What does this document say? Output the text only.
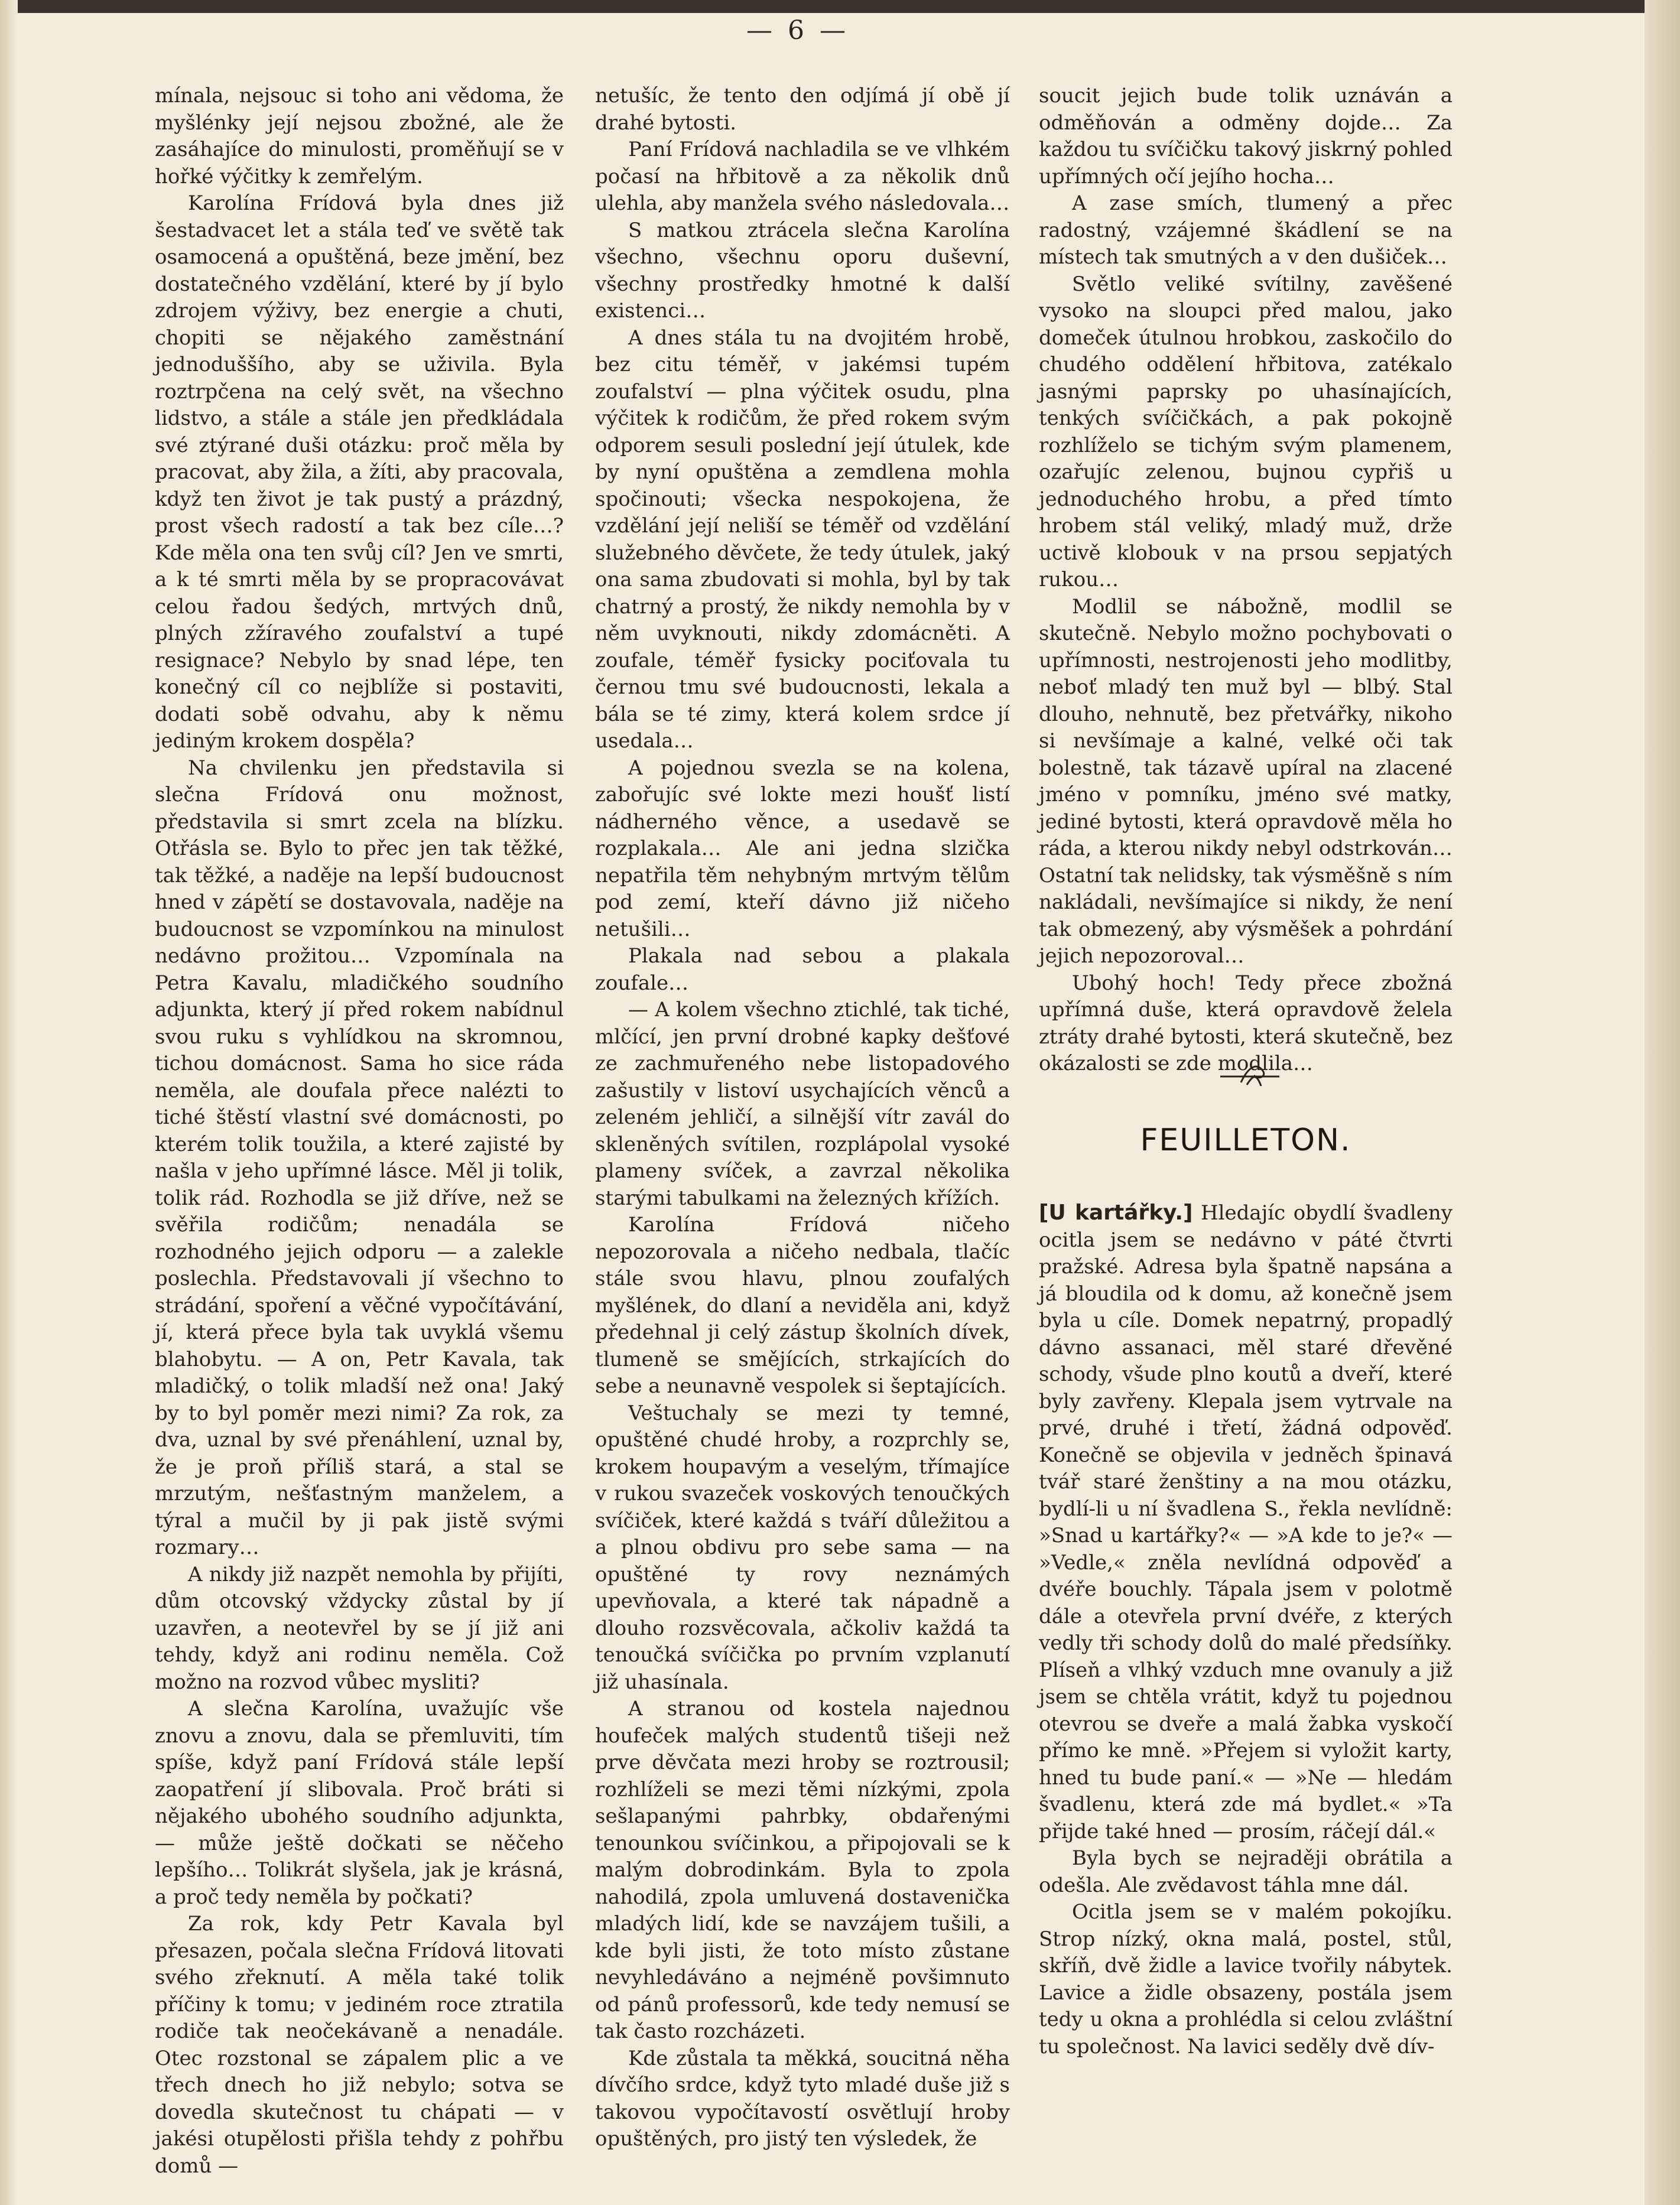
— 6 —

mínala, nejsouc si toho ani vědoma, že myšlénky její nejsou zbožné, ale že zasáhajíce do minulosti, proměňují se v hořké výčitky k zemřelým.

Karolína Frídová byla dnes již šestadvacet let a stála teď ve světě tak osamocená a opuštěná, beze jmění, bez dostatečného vzdělání, které by jí bylo zdrojem výživy, bez energie a chuti, chopiti se nějakého zaměstnání jednoduššího, aby se uživila. Byla roztrpčena na celý svět, na všechno lidstvo, a stále a stále jen předkládala své ztýrané duši otázku: proč měla by pracovat, aby žila, a žíti, aby pracovala, když ten život je tak pustý a prázdný, prost všech radostí a tak bez cíle…? Kde měla ona ten svůj cíl? Jen ve smrti, a k té smrti měla by se propracovávat celou řadou šedých, mrtvých dnů, plných zžíravého zoufalství a tupé resignace? Nebylo by snad lépe, ten konečný cíl co nejblíže si postaviti, dodati sobě odvahu, aby k němu jediným krokem dospěla?

Na chvilenku jen představila si slečna Frídová onu možnost, představila si smrt zcela na blízku. Otřásla se. Bylo to přec jen tak těžké, tak těžké, a naděje na lepší budoucnost hned v zápětí se dostavovala, naděje na budoucnost se vzpomínkou na minulost nedávno prožitou… Vzpomínala na Petra Kavalu, mladičkého soudního adjunkta, který jí před rokem nabídnul svou ruku s vyhlídkou na skromnou, tichou domácnost. Sama ho sice ráda neměla, ale doufala přece nalézti to tiché štěstí vlastní své domácnosti, po kterém tolik toužila, a které zajisté by našla v jeho upřímné lásce. Měl ji tolik, tolik rád. Rozhodla se již dříve, než se svěřila rodičům; nenadála se rozhodného jejich odporu — a zalekle poslechla. Představovali jí všechno to strádání, spoření a věčné vypočítávání, jí, která přece byla tak uvyklá všemu blahobytu. — A on, Petr Kavala, tak mladičký, o tolik mladší než ona! Jaký by to byl poměr mezi nimi? Za rok, za dva, uznal by své přenáhlení, uznal by, že je proň příliš stará, a stal se mrzutým, nešťastným manželem, a týral a mučil by ji pak jistě svými rozmary…

A nikdy již nazpět nemohla by přijíti, dům otcovský vždycky zůstal by jí uzavřen, a neotevřel by se jí již ani tehdy, když ani rodinu neměla. Což možno na rozvod vůbec mysliti?

A slečna Karolína, uvažujíc vše znovu a znovu, dala se přemluviti, tím spíše, když paní Frídová stále lepší zaopatření jí slibovala. Proč bráti si nějakého ubohého soudního adjunkta, — může ještě dočkati se něčeho lepšího… Tolikrát slyšela, jak je krásná, a proč tedy neměla by počkati?

Za rok, kdy Petr Kavala byl přesazen, počala slečna Frídová litovati svého zřeknutí. A měla také tolik příčiny k tomu; v jediném roce ztratila rodiče tak neočekávaně a nenadále. Otec rozstonal se zápalem plic a ve třech dnech ho již nebylo; sotva se dovedla skutečnost tu chápati — v jakési otupělosti přišla tehdy z pohřbu domů —

netušíc, že tento den odjímá jí obě jí drahé bytosti.

Paní Frídová nachladila se ve vlhkém počasí na hřbitově a za několik dnů ulehla, aby manžela svého následovala…

S matkou ztrácela slečna Karolína všechno, všechnu oporu duševní, všechny prostředky hmotné k další existenci…

A dnes stála tu na dvojitém hrobě, bez citu téměř, v jakémsi tupém zoufalství — plna výčitek osudu, plna výčitek k rodičům, že před rokem svým odporem sesuli poslední její útulek, kde by nyní opuštěna a zemdlena mohla spočinouti; všecka nespokojena, že vzdělání její neliší se téměř od vzdělání služebného děvčete, že tedy útulek, jaký ona sama zbudovati si mohla, byl by tak chatrný a prostý, že nikdy nemohla by v něm uvyknouti, nikdy zdomácněti. A zoufale, téměř fysicky pociťovala tu černou tmu své budoucnosti, lekala a bála se té zimy, která kolem srdce jí usedala…

A pojednou svezla se na kolena, zabořujíc své lokte mezi houšť listí nádherného věnce, a usedavě se rozplakala… Ale ani jedna slzička nepatřila těm nehybným mrtvým tělům pod zemí, kteří dávno již ničeho netušili…

Plakala nad sebou a plakala zoufale…

— A kolem všechno ztichlé, tak tiché, mlčící, jen první drobné kapky dešťové ze zachmuřeného nebe listopadového zašustily v listoví usychajících věnců a zeleném jehličí, a silnější vítr zavál do skleněných svítilen, rozplápolal vysoké plameny svíček, a zavrzal několika starými tabulkami na železných křížích.

Karolína Frídová ničeho nepozorovala a ničeho nedbala, tlačíc stále svou hlavu, plnou zoufalých myšlének, do dlaní a neviděla ani, když předehnal ji celý zástup školních dívek, tlumeně se smějících, strkajících do sebe a neunavně vespolek si šeptajících.

Veštuchaly se mezi ty temné, opuštěné chudé hroby, a rozprchly se, krokem houpavým a veselým, třímajíce v rukou svazeček voskových tenoučkých svíčiček, které každá s tváří důležitou a a plnou obdivu pro sebe sama — na opuštěné ty rovy neznámých upevňovala, a které tak nápadně a dlouho rozsvěcovala, ačkoliv každá ta tenoučká svíčička po prvním vzplanutí již uhasínala.

A stranou od kostela najednou houfeček malých studentů tišeji než prve děvčata mezi hroby se roztrousil; rozhlíželi se mezi těmi nízkými, zpola sešlapanými pahrbky, obdařenými tenounkou svíčinkou, a připojovali se k malým dobrodinkám. Byla to zpola nahodilá, zpola umluvená dostavenička mladých lidí, kde se navzájem tušili, a kde byli jisti, že toto místo zůstane nevyhledáváno a nejméně povšimnuto od pánů professorů, kde tedy nemusí se tak často rozcházeti.

Kde zůstala ta měkká, soucitná něha dívčího srdce, když tyto mladé duše již s takovou vypočítavostí osvětlují hroby opuštěných, pro jistý ten výsledek, že

soucit jejich bude tolik uznáván a odměňován a odměny dojde… Za každou tu svíčičku takový jiskrný pohled upřímných očí jejího hocha…

A zase smích, tlumený a přec radostný, vzájemné škádlení se na místech tak smutných a v den dušiček…

Světlo veliké svítilny, zavěšené vysoko na sloupci před malou, jako domeček útulnou hrobkou, zaskočilo do chudého oddělení hřbitova, zatékalo jasnými paprsky po uhasínajících, tenkých svíčičkách, a pak pokojně rozhlíželo se tichým svým plamenem, ozařujíc zelenou, bujnou cypřiš u jednoduchého hrobu, a před tímto hrobem stál veliký, mladý muž, drže uctivě klobouk v na prsou sepjatých rukou…

Modlil se nábožně, modlil se skutečně. Nebylo možno pochybovati o upřímnosti, nestrojenosti jeho modlitby, neboť mladý ten muž byl — blbý. Stal dlouho, nehnutě, bez přetvářky, nikoho si nevšímaje a kalné, velké oči tak bolestně, tak tázavě upíral na zlacené jméno v pomníku, jméno své matky, jediné bytosti, která opravdově měla ho ráda, a kterou nikdy nebyl odstrkován… Ostatní tak nelidsky, tak výsměšně s ním nakládali, nevšímajíce si nikdy, že není tak obmezený, aby výsměšek a pohrdání jejich nepozoroval…

Ubohý hoch! Tedy přece zbožná upřímná duše, která opravdově želela ztráty drahé bytosti, která skutečně, bez okázalosti se zde modlila…

FEUILLETON.

[U kartářky.] Hledajíc obydlí švadleny ocitla jsem se nedávno v páté čtvrti pražské. Adresa byla špatně napsána a já bloudila od k domu, až konečně jsem byla u cíle. Domek nepatrný, propadlý dávno assanaci, měl staré dřevěné schody, všude plno koutů a dveří, které byly zavřeny. Klepala jsem vytrvale na prvé, druhé i třetí, žádná odpověď. Konečně se objevila v jedněch špinavá tvář staré ženštiny a na mou otázku, bydlí-li u ní švadlena S., řekla nevlídně: »Snad u kartářky?« — »A kde to je?« — »Vedle,« zněla nevlídná odpověď a dvéře bouchly. Tápala jsem v polotmě dále a otevřela první dvéře, z kterých vedly tři schody dolů do malé předsíňky. Plíseň a vlhký vzduch mne ovanuly a již jsem se chtěla vrátit, když tu pojednou otevrou se dveře a malá žabka vyskočí přímo ke mně. »Přejem si vyložit karty, hned tu bude paní.« — »Ne — hledám švadlenu, která zde má bydlet.« »Ta přijde také hned — prosím, ráčejí dál.«

Byla bych se nejraději obrátila a odešla. Ale zvědavost táhla mne dál.

Ocitla jsem se v malém pokojíku. Strop nízký, okna malá, postel, stůl, skříň, dvě židle a lavice tvořily nábytek. Lavice a židle obsazeny, postála jsem tedy u okna a prohlédla si celou zvláštní tu společnost. Na lavici seděly dvě dív-
